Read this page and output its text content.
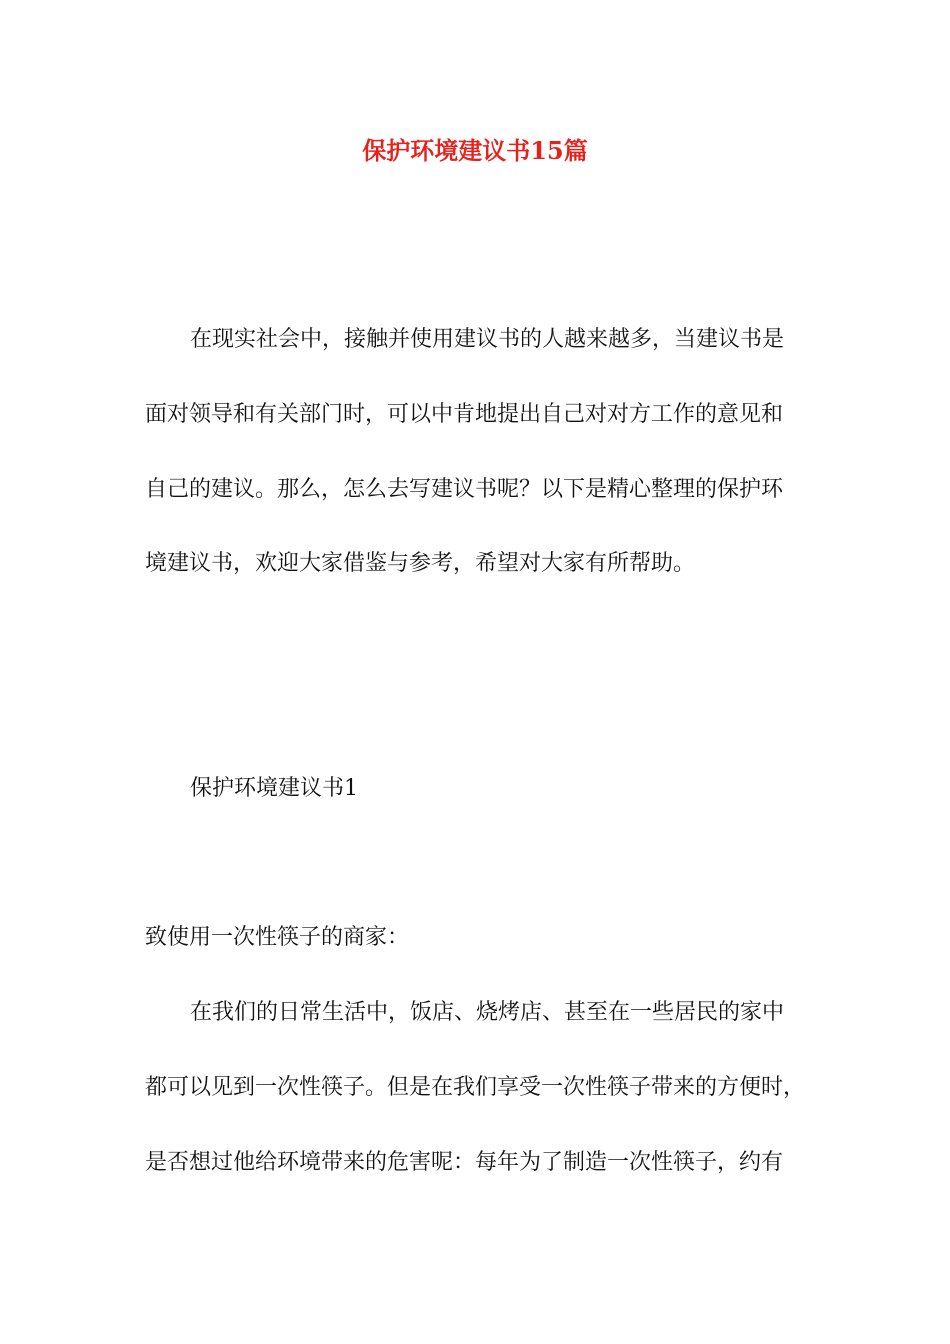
保护环境建议书15篇
在现实社会中，接触并使用建议书的人越来越多，当建议书是
面对领导和有关部门时，可以中肯地提出自己对对方工作的意见和
自己的建议。那么，怎么去写建议书呢？以下是精心整理的保护环
境建议书，欢迎大家借鉴与参考，希望对大家有所帮助。
保护环境建议书1
致使用一次性筷子的商家：
在我们的日常生活中，饭店、烧烤店、甚至在一些居民的家中
都可以见到一次性筷子。但是在我们享受一次性筷子带来的方便时，
是否想过他给环境带来的危害呢：每年为了制造一次性筷子，约有
